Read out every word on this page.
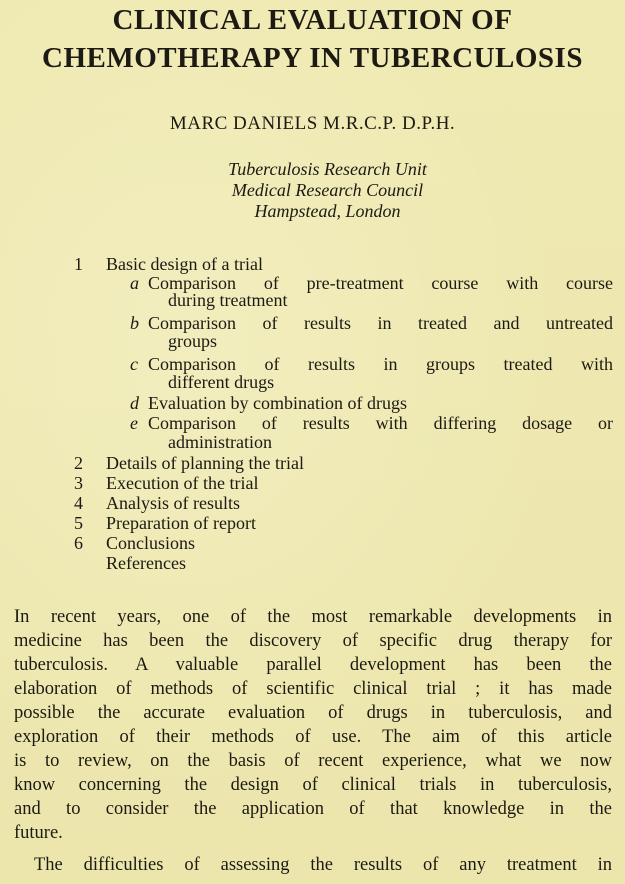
CLINICAL EVALUATION OF
CHEMOTHERAPY IN TUBERCULOSIS
MARC DANIELS M.R.C.P. D.P.H.
Tuberculosis Research Unit
Medical Research Council
Hampstead, London
1 Basic design of a trial
a Comparison of pre-treatment course with course
during treatment
b Comparison of results in treated and untreated
groups
c Comparison of results in groups treated with
different drugs
d Evaluation by combination of drugs
e Comparison of results with differing dosage or
administration
2 Details of planning the trial
3 Execution of the trial
4 Analysis of results
5 Preparation of report
6 Conclusions
References
In recent years, one of the most remarkable developments in
medicine has been the discovery of specific drug therapy for
tuberculosis. A valuable parallel development has been the
elaboration of methods of scientific clinical trial ; it has made
possible the accurate evaluation of drugs in tuberculosis, and
exploration of their methods of use. The aim of this article
is to review, on the basis of recent experience, what we now
know concerning the design of clinical trials in tuberculosis,
and to consider the application of that knowledge in the
future.
The difficulties of assessing the results of any treatment in
